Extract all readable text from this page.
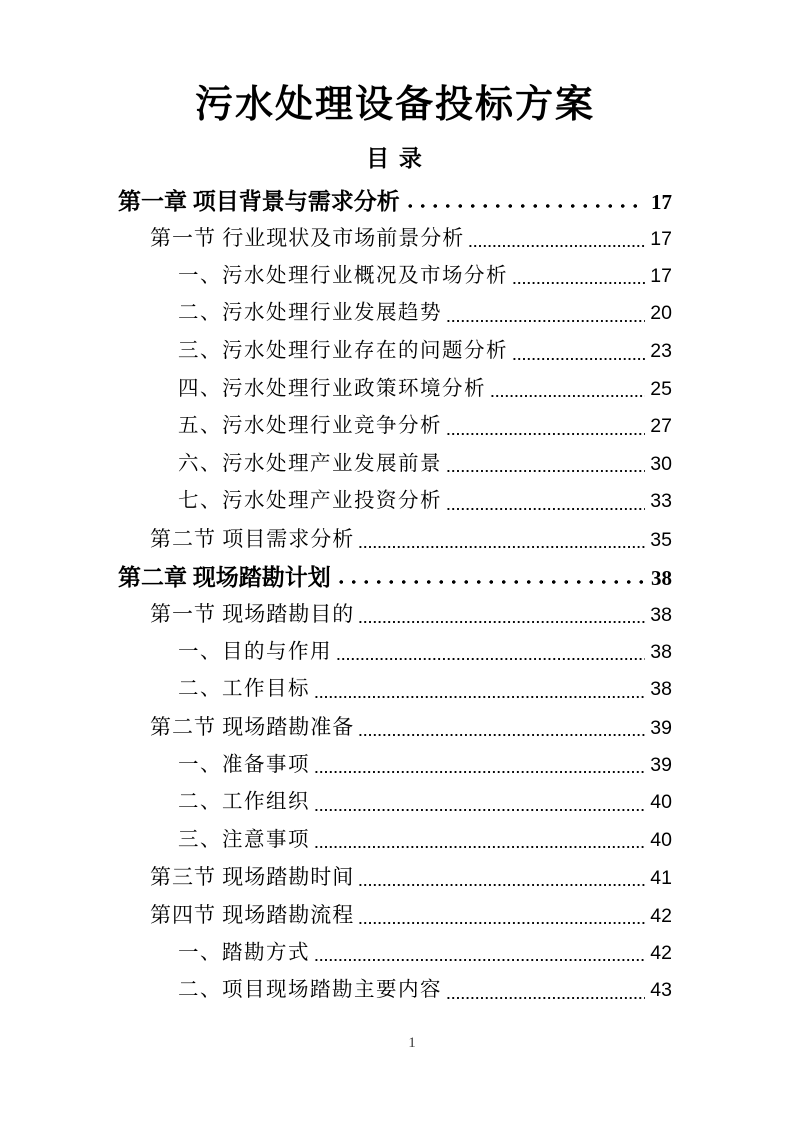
污水处理设备投标方案
目 录
第一章 项目背景与需求分析	17
第一节 行业现状及市场前景分析	17
一、污水处理行业概况及市场分析	17
二、污水处理行业发展趋势	20
三、污水处理行业存在的问题分析	23
四、污水处理行业政策环境分析	25
五、污水处理行业竞争分析	27
六、污水处理产业发展前景	30
七、污水处理产业投资分析	33
第二节 项目需求分析	35
第二章 现场踏勘计划	38
第一节 现场踏勘目的	38
一、目的与作用	38
二、工作目标	38
第二节 现场踏勘准备	39
一、准备事项	39
二、工作组织	40
三、注意事项	40
第三节 现场踏勘时间	41
第四节 现场踏勘流程	42
一、踏勘方式	42
二、项目现场踏勘主要内容	43
1
